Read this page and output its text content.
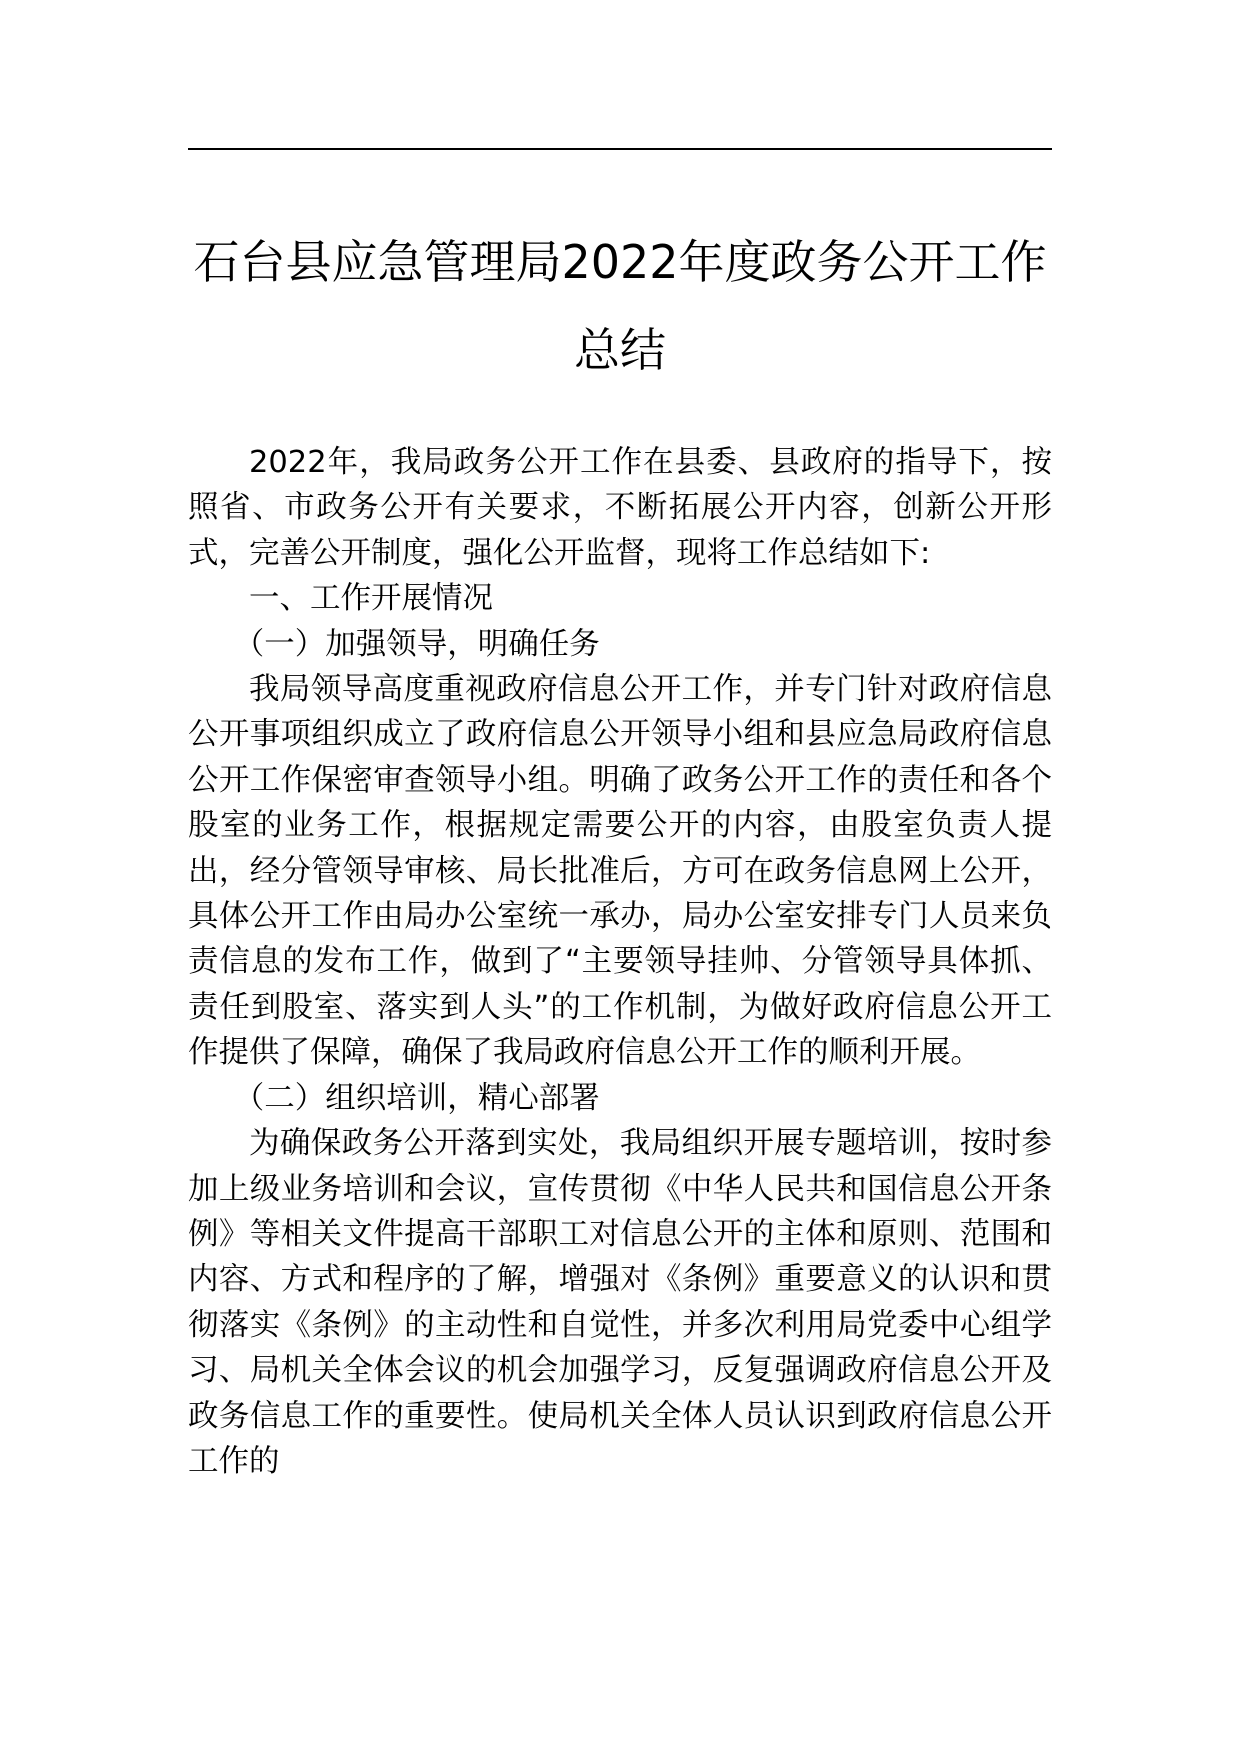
石台县应急管理局2022年度政务公开工作
总结

2022年，我局政务公开工作在县委、县政府的指导下，按照省、市政务公开有关要求，不断拓展公开内容，创新公开形式，完善公开制度，强化公开监督，现将工作总结如下:

一、工作开展情况

（一）加强领导，明确任务

我局领导高度重视政府信息公开工作，并专门针对政府信息公开事项组织成立了政府信息公开领导小组和县应急局政府信息公开工作保密审查领导小组。明确了政务公开工作的责任和各个股室的业务工作，根据规定需要公开的内容，由股室负责人提出，经分管领导审核、局长批准后，方可在政务信息网上公开，具体公开工作由局办公室统一承办，局办公室安排专门人员来负责信息的发布工作，做到了“主要领导挂帅、分管领导具体抓、责任到股室、落实到人头”的工作机制，为做好政府信息公开工作提供了保障，确保了我局政府信息公开工作的顺利开展。

（二）组织培训，精心部署

为确保政务公开落到实处，我局组织开展专题培训，按时参加上级业务培训和会议，宣传贯彻《中华人民共和国信息公开条例》等相关文件提高干部职工对信息公开的主体和原则、范围和内容、方式和程序的了解，增强对《条例》重要意义的认识和贯彻落实《条例》的主动性和自觉性，并多次利用局党委中心组学习、局机关全体会议的机会加强学习，反复强调政府信息公开及政务信息工作的重要性。使局机关全体人员认识到政府信息公开工作的
